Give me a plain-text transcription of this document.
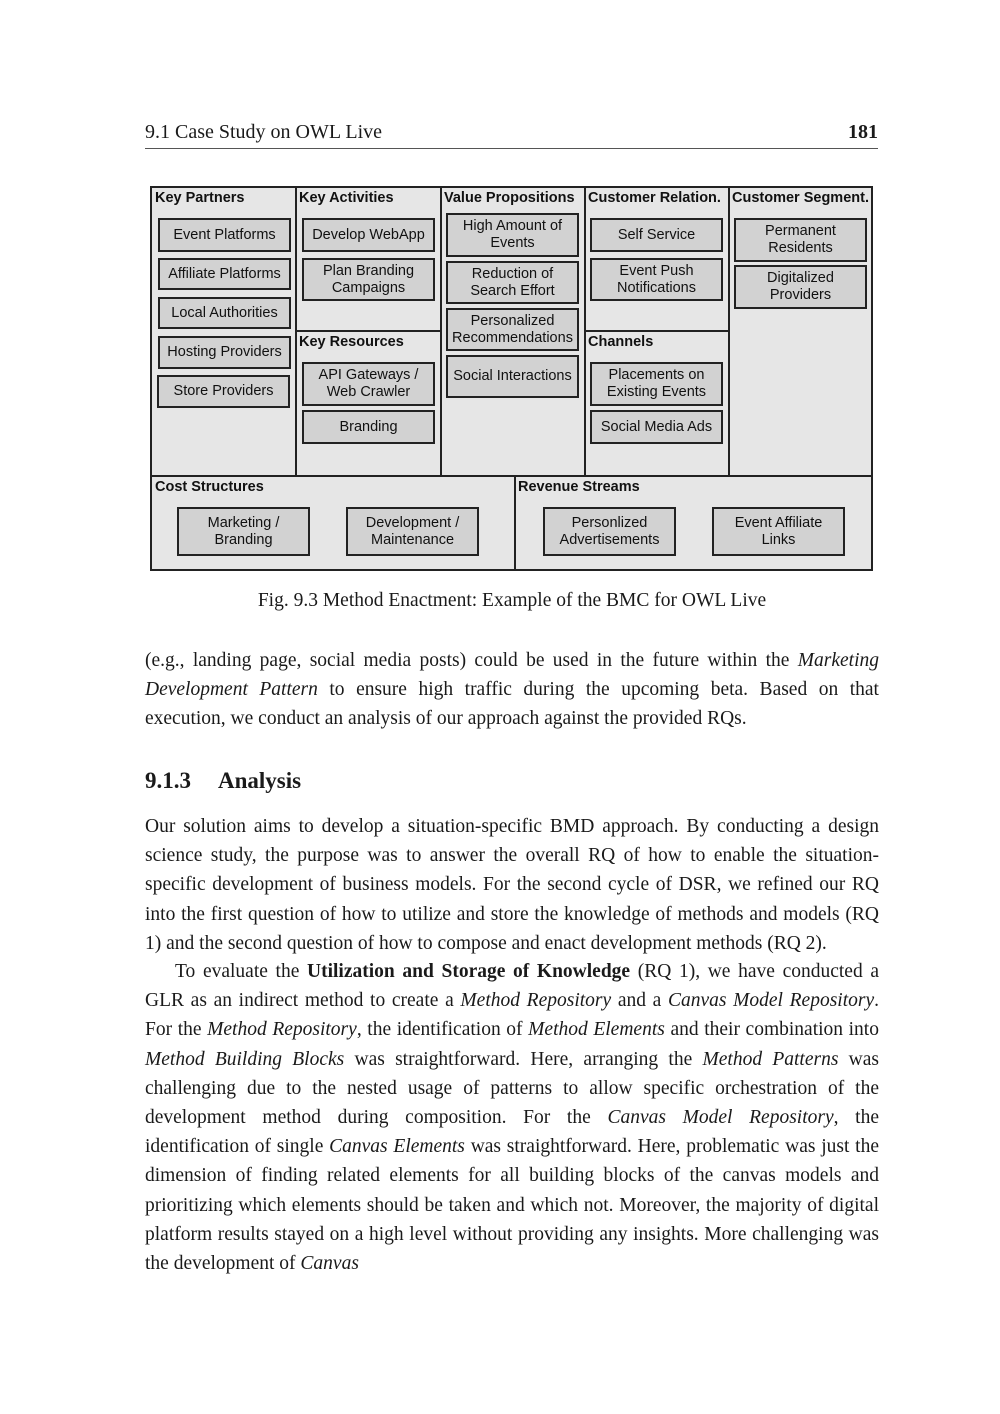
9.1 Case Study on OWL Live	181
Key Partners
Event Platforms
Affiliate Platforms
Local Authorities
Hosting Providers
Store Providers
Key Activities
Develop WebApp
Plan Branding Campaigns
Key Resources
API Gateways / Web Crawler
Branding
Value Propositions
High Amount of Events
Reduction of Search Effort
Personalized Recommendations
Social Interactions
Customer Relation.
Self Service
Event Push Notifications
Channels
Placements on Existing Events
Social Media Ads
Customer Segment.
Permanent Residents
Digitalized Providers
Cost Structures
Marketing / Branding
Development / Maintenance
Revenue Streams
Personlized Advertisements
Event Affiliate Links
Fig. 9.3 Method Enactment: Example of the BMC for OWL Live

(e.g., landing page, social media posts) could be used in the future within the Marketing Development Pattern to ensure high traffic during the upcoming beta. Based on that execution, we conduct an analysis of our approach against the provided RQs.

9.1.3 Analysis

Our solution aims to develop a situation-specific BMD approach. By conducting a design science study, the purpose was to answer the overall RQ of how to enable the situation-specific development of business models. For the second cycle of DSR, we refined our RQ into the first question of how to utilize and store the knowledge of methods and models (RQ 1) and the second question of how to compose and enact development methods (RQ 2).

To evaluate the Utilization and Storage of Knowledge (RQ 1), we have conducted a GLR as an indirect method to create a Method Repository and a Canvas Model Repository. For the Method Repository, the identification of Method Elements and their combination into Method Building Blocks was straightforward. Here, arranging the Method Patterns was challenging due to the nested usage of patterns to allow specific orchestration of the development method during composition. For the Canvas Model Repository, the identification of single Canvas Elements was straightforward. Here, problematic was just the dimension of finding related elements for all building blocks of the canvas models and prioritizing which elements should be taken and which not. Moreover, the majority of digital platform results stayed on a high level without providing any insights. More challenging was the development of Canvas
